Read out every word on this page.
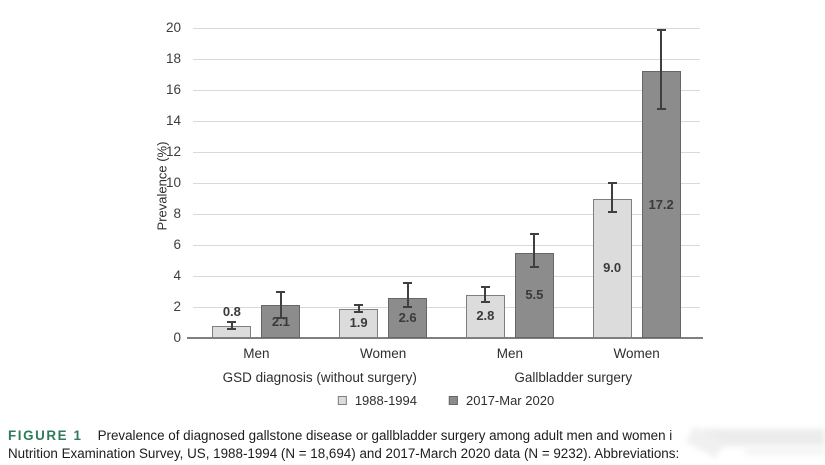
Prevalence (%)
0
2
4
6
8
10
12
14
16
18
20
0.8
2.1
Men
1.9	2.6
Women
2.8
5.5
Men
9.0
17.2
Women
GSD diagnosis (without surgery)	Gallbladder surgery
1988-1994	2017-Mar 2020
FIGURE 1 Prevalence of diagnosed gallstone disease or gallbladder surgery among adult men and women i
Nutrition Examination Survey, US, 1988-1994 (N = 18,694) and 2017-March 2020 data (N = 9232). Abbreviations:
